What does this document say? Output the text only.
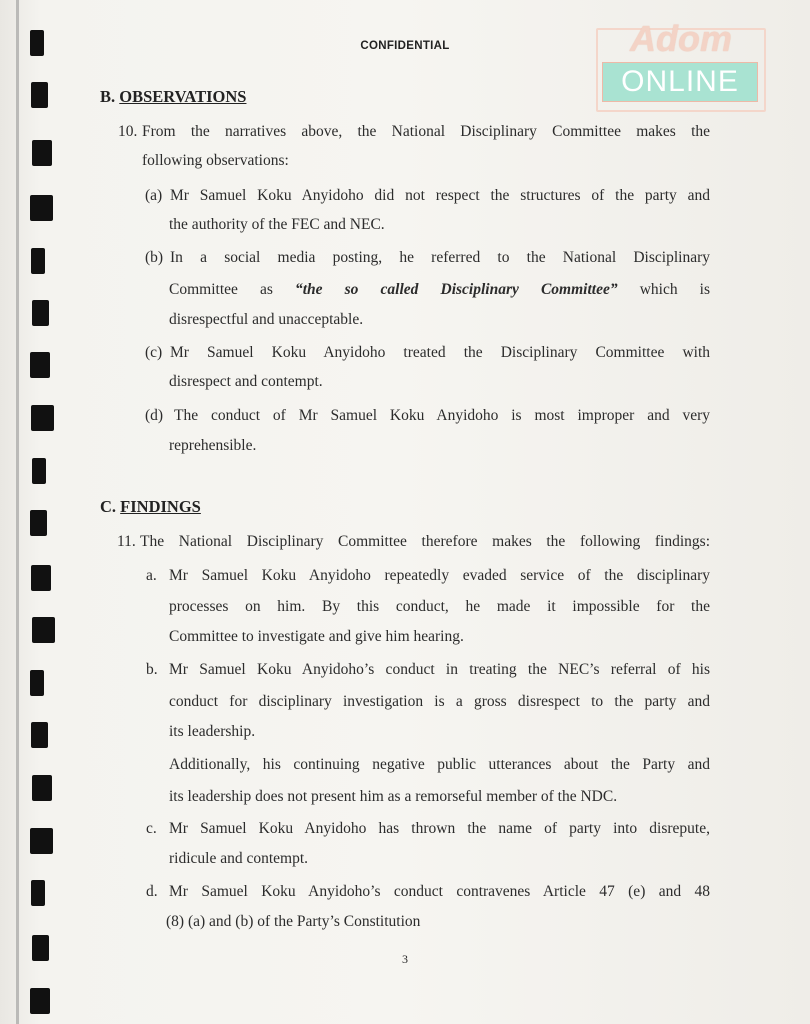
CONFIDENTIAL	Adom
ONLINE
B. OBSERVATIONS
10. From the narratives above, the National Disciplinary Committee makes the
following observations:
(a) Mr Samuel Koku Anyidoho did not respect the structures of the party and
the authority of the FEC and NEC.
(b) In a social media posting, he referred to the National Disciplinary
Committee as “the so called Disciplinary Committee” which is
disrespectful and unacceptable.
(c) Mr Samuel Koku Anyidoho treated the Disciplinary Committee with
disrespect and contempt.
(d) The conduct of Mr Samuel Koku Anyidoho is most improper and very
reprehensible.
C. FINDINGS
11. The National Disciplinary Committee therefore makes the following findings:
a. Mr Samuel Koku Anyidoho repeatedly evaded service of the disciplinary
processes on him. By this conduct, he made it impossible for the
Committee to investigate and give him hearing.
b. Mr Samuel Koku Anyidoho’s conduct in treating the NEC’s referral of his
conduct for disciplinary investigation is a gross disrespect to the party and
its leadership.
Additionally, his continuing negative public utterances about the Party and
its leadership does not present him as a remorseful member of the NDC.
c. Mr Samuel Koku Anyidoho has thrown the name of party into disrepute,
ridicule and contempt.
d. Mr Samuel Koku Anyidoho’s conduct contravenes Article 47 (e) and 48
(8) (a) and (b) of the Party’s Constitution
3
